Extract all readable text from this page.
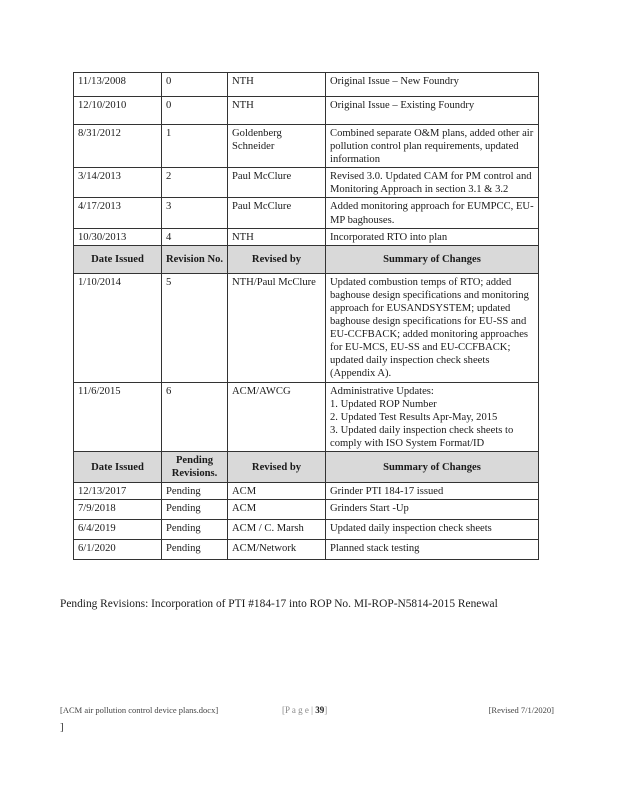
11/13/2008	0	NTH	Original Issue – New Foundry
12/10/2010	0	NTH	Original Issue – Existing Foundry
8/31/2012	1	Goldenberg Schneider	Combined separate O&M plans, added other air pollution control plan requirements, updated information
3/14/2013	2	Paul McClure	Revised 3.0. Updated CAM for PM control and Monitoring Approach in section 3.1 & 3.2
4/17/2013	3	Paul McClure	Added monitoring approach for EUMPCC, EU-MP baghouses.
10/30/2013	4	NTH	Incorporated RTO into plan
Date Issued	Revision No.	Revised by	Summary of Changes
1/10/2014	5	NTH/Paul McClure	Updated combustion temps of RTO; added baghouse design specifications and monitoring approach for EUSANDSYSTEM; updated baghouse design specifications for EU-SS and EU-CCFBACK; added monitoring approaches for EU-MCS, EU-SS and EU-CCFBACK; updated daily inspection check sheets (Appendix A).
11/6/2015	6	ACM/AWCG	Administrative Updates:
1. Updated ROP Number
2. Updated Test Results Apr-May, 2015
3. Updated daily inspection check sheets to comply with ISO System Format/ID

Date Issued	Pending Revisions.	Revised by	Summary of Changes
12/13/2017	Pending	ACM	Grinder PTI 184-17 issued
7/9/2018	Pending	ACM	Grinders Start -Up
6/4/2019	Pending	ACM / C. Marsh	Updated daily inspection check sheets
6/1/2020	Pending	ACM/Network	Planned stack testing
Pending Revisions: Incorporation of PTI #184-17 into ROP No. MI-ROP-N5814-2015 Renewal
[ACM air pollution control device plans.docx]	[P a g e | 39]	[Revised 7/1/2020]
]
